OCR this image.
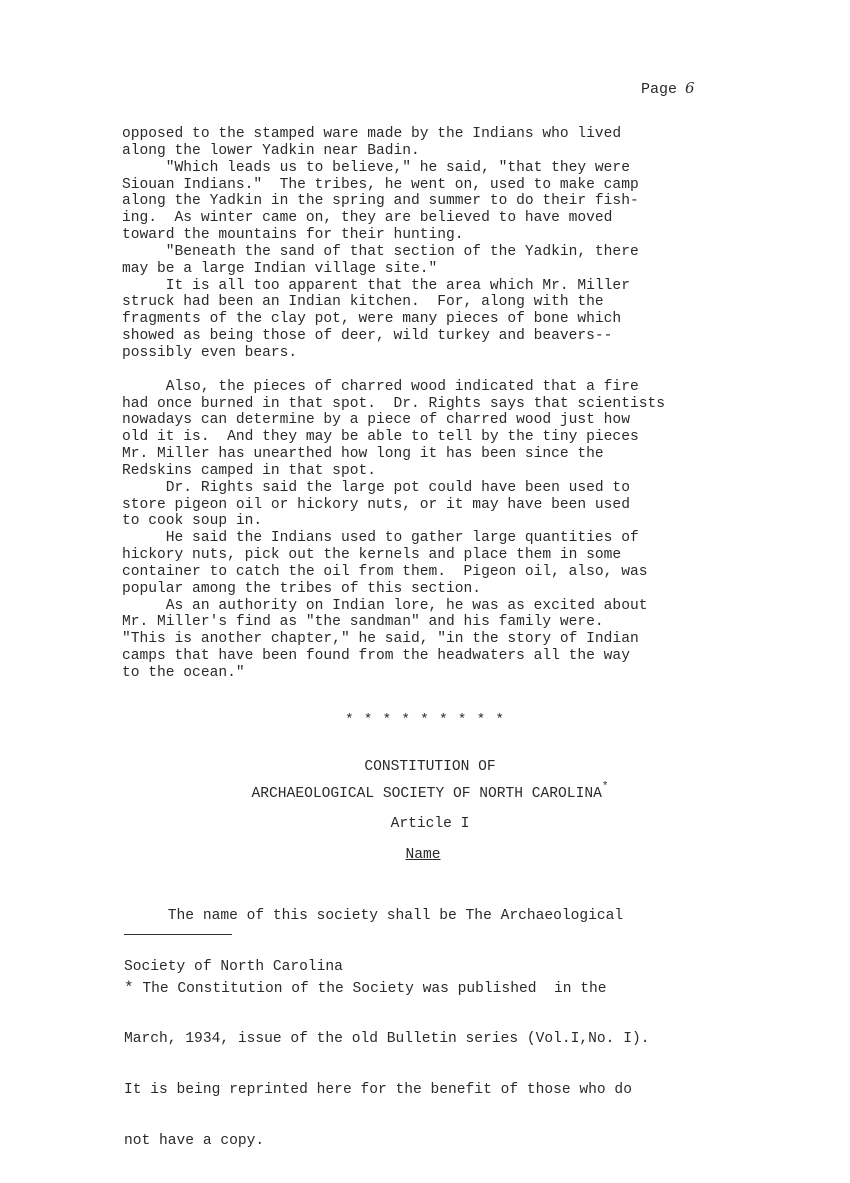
Page 6
opposed to the stamped ware made by the Indians who lived
along the lower Yadkin near Badin.
"Which leads us to believe," he said, "that they were
Siouan Indians."  The tribes, he went on, used to make camp
along the Yadkin in the spring and summer to do their fish-
ing.  As winter came on, they are believed to have moved
toward the mountains for their hunting.
"Beneath the sand of that section of the Yadkin, there
may be a large Indian village site."
It is all too apparent that the area which Mr. Miller
struck had been an Indian kitchen.  For, along with the
fragments of the clay pot, were many pieces of bone which
showed as being those of deer, wild turkey and beavers--
possibly even bears.
Also, the pieces of charred wood indicated that a fire
had once burned in that spot.  Dr. Rights says that scientists
nowadays can determine by a piece of charred wood just how
old it is.  And they may be able to tell by the tiny pieces
Mr. Miller has unearthed how long it has been since the
Redskins camped in that spot.
Dr. Rights said the large pot could have been used to
store pigeon oil or hickory nuts, or it may have been used
to cook soup in.
He said the Indians used to gather large quantities of
hickory nuts, pick out the kernels and place them in some
container to catch the oil from them.  Pigeon oil, also, was
popular among the tribes of this section.
As an authority on Indian lore, he was as excited about
Mr. Miller's find as "the sandman" and his family were.
"This is another chapter," he said, "in the story of Indian
camps that have been found from the headwaters all the way
to the ocean."
* * * * * * * * *
CONSTITUTION OF
ARCHAEOLOGICAL SOCIETY OF NORTH CAROLINA*
Article I
Name

The name of this society shall be The Archaeological

Society of North Carolina

* The Constitution of the Society was published  in the

March, 1934, issue of the old Bulletin series (Vol.I,No. I).

It is being reprinted here for the benefit of those who do

not have a copy.
